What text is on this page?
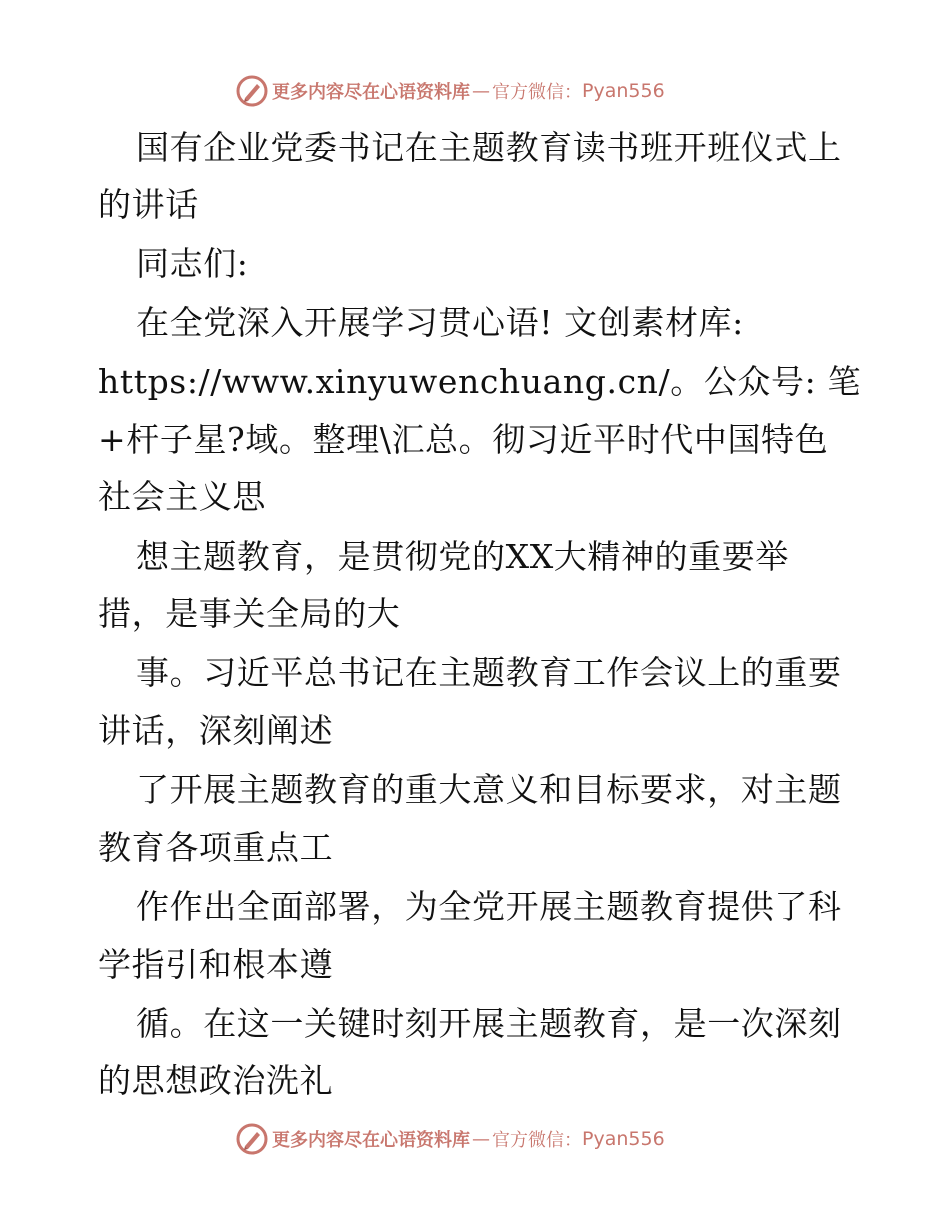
更多内容尽在心语资料库 — 官方微信： Pyan556
国有企业党委书记在主题教育读书班开班仪式上
的讲话
同志们:
在全党深入开展学习贯心语! 文创素材库:
https://www.xinyuwenchuang.cn/。公众号: 笔
+杆子星?域。整理\汇总。彻习近平时代中国特色
社会主义思
想主题教育，是贯彻党的XX大精神的重要举
措，是事关全局的大
事。习近平总书记在主题教育工作会议上的重要
讲话，深刻阐述
了开展主题教育的重大意义和目标要求，对主题
教育各项重点工
作作出全面部署，为全党开展主题教育提供了科
学指引和根本遵
循。在这一关键时刻开展主题教育，是一次深刻
的思想政治洗礼
更多内容尽在心语资料库 — 官方微信： Pyan556
